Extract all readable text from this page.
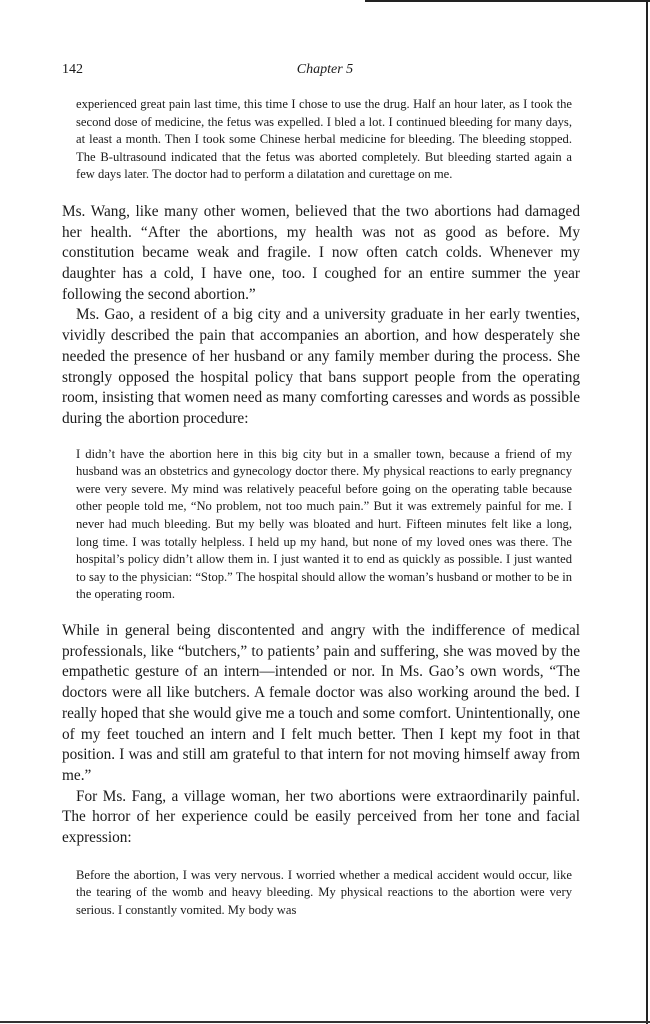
142	Chapter 5

experienced great pain last time, this time I chose to use the drug. Half an hour later, as I took the second dose of medicine, the fetus was expelled. I bled a lot. I continued bleeding for many days, at least a month. Then I took some Chinese herbal medicine for bleeding. The bleeding stopped. The B-ultrasound indicated that the fetus was aborted completely. But bleeding started again a few days later. The doctor had to perform a dilatation and curettage on me.

Ms. Wang, like many other women, believed that the two abortions had damaged her health. “After the abortions, my health was not as good as before. My constitution became weak and fragile. I now often catch colds. Whenever my daughter has a cold, I have one, too. I coughed for an entire summer the year following the second abortion.”

Ms. Gao, a resident of a big city and a university graduate in her early twenties, vividly described the pain that accompanies an abortion, and how desperately she needed the presence of her husband or any family member during the process. She strongly opposed the hospital policy that bans support people from the operating room, insisting that women need as many comforting caresses and words as possible during the abortion procedure:

I didn’t have the abortion here in this big city but in a smaller town, because a friend of my husband was an obstetrics and gynecology doctor there. My physical reactions to early pregnancy were very severe. My mind was relatively peaceful before going on the operating table because other people told me, “No problem, not too much pain.” But it was extremely painful for me. I never had much bleeding. But my belly was bloated and hurt. Fifteen minutes felt like a long, long time. I was totally helpless. I held up my hand, but none of my loved ones was there. The hospital’s policy didn’t allow them in. I just wanted it to end as quickly as possible. I just wanted to say to the physician: “Stop.” The hospital should allow the woman’s husband or mother to be in the operating room.

While in general being discontented and angry with the indifference of medical professionals, like “butchers,” to patients’ pain and suffering, she was moved by the empathetic gesture of an intern—intended or nor. In Ms. Gao’s own words, “The doctors were all like butchers. A female doctor was also working around the bed. I really hoped that she would give me a touch and some comfort. Unintentionally, one of my feet touched an intern and I felt much better. Then I kept my foot in that position. I was and still am grateful to that intern for not moving himself away from me.”

For Ms. Fang, a village woman, her two abortions were extraordinarily painful. The horror of her experience could be easily perceived from her tone and facial expression:

Before the abortion, I was very nervous. I worried whether a medical accident would occur, like the tearing of the womb and heavy bleeding. My physical reactions to the abortion were very serious. I constantly vomited. My body was
